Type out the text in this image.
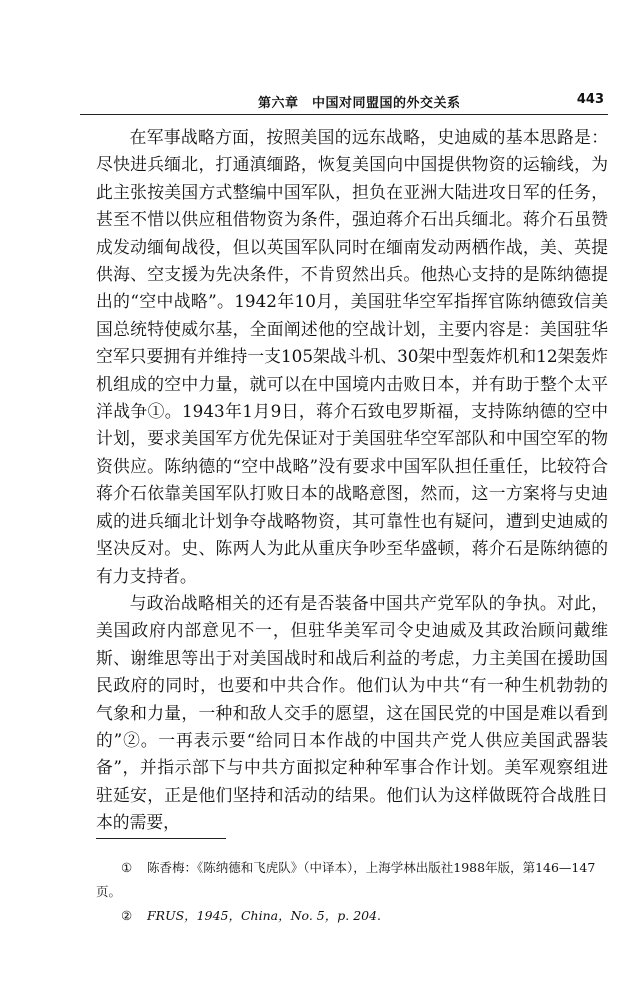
第六章　中国对同盟国的外交关系	443

在军事战略方面，按照美国的远东战略，史迪威的基本思路是：尽快进兵缅北，打通滇缅路，恢复美国向中国提供物资的运输线，为此主张按美国方式整编中国军队，担负在亚洲大陆进攻日军的任务，甚至不惜以供应租借物资为条件，强迫蒋介石出兵缅北。蒋介石虽赞成发动缅甸战役，但以英国军队同时在缅南发动两栖作战，美、英提供海、空支援为先决条件，不肯贸然出兵。他热心支持的是陈纳德提出的“空中战略”。1942年10月，美国驻华空军指挥官陈纳德致信美国总统特使威尔基，全面阐述他的空战计划，主要内容是：美国驻华空军只要拥有并维持一支105架战斗机、30架中型轰炸机和12架轰炸机组成的空中力量，就可以在中国境内击败日本，并有助于整个太平洋战争①。1943年1月9日，蒋介石致电罗斯福，支持陈纳德的空中计划，要求美国军方优先保证对于美国驻华空军部队和中国空军的物资供应。陈纳德的“空中战略”没有要求中国军队担任重任，比较符合蒋介石依靠美国军队打败日本的战略意图，然而，这一方案将与史迪威的进兵缅北计划争夺战略物资，其可靠性也有疑问，遭到史迪威的坚决反对。史、陈两人为此从重庆争吵至华盛顿，蒋介石是陈纳德的有力支持者。

与政治战略相关的还有是否装备中国共产党军队的争执。对此，美国政府内部意见不一，但驻华美军司令史迪威及其政治顾问戴维斯、谢维思等出于对美国战时和战后利益的考虑，力主美国在援助国民政府的同时，也要和中共合作。他们认为中共“有一种生机勃勃的气象和力量，一种和敌人交手的愿望，这在国民党的中国是难以看到的”②。一再表示要“给同日本作战的中国共产党人供应美国武器装备”，并指示部下与中共方面拟定种种军事合作计划。美军观察组进驻延安，正是他们坚持和活动的结果。他们认为这样做既符合战胜日本的需要，

① 陈香梅：《陈纳德和飞虎队》（中译本），上海学林出版社1988年版，第146—147页。

② FRUS，1945，China，No. 5，p. 204.
